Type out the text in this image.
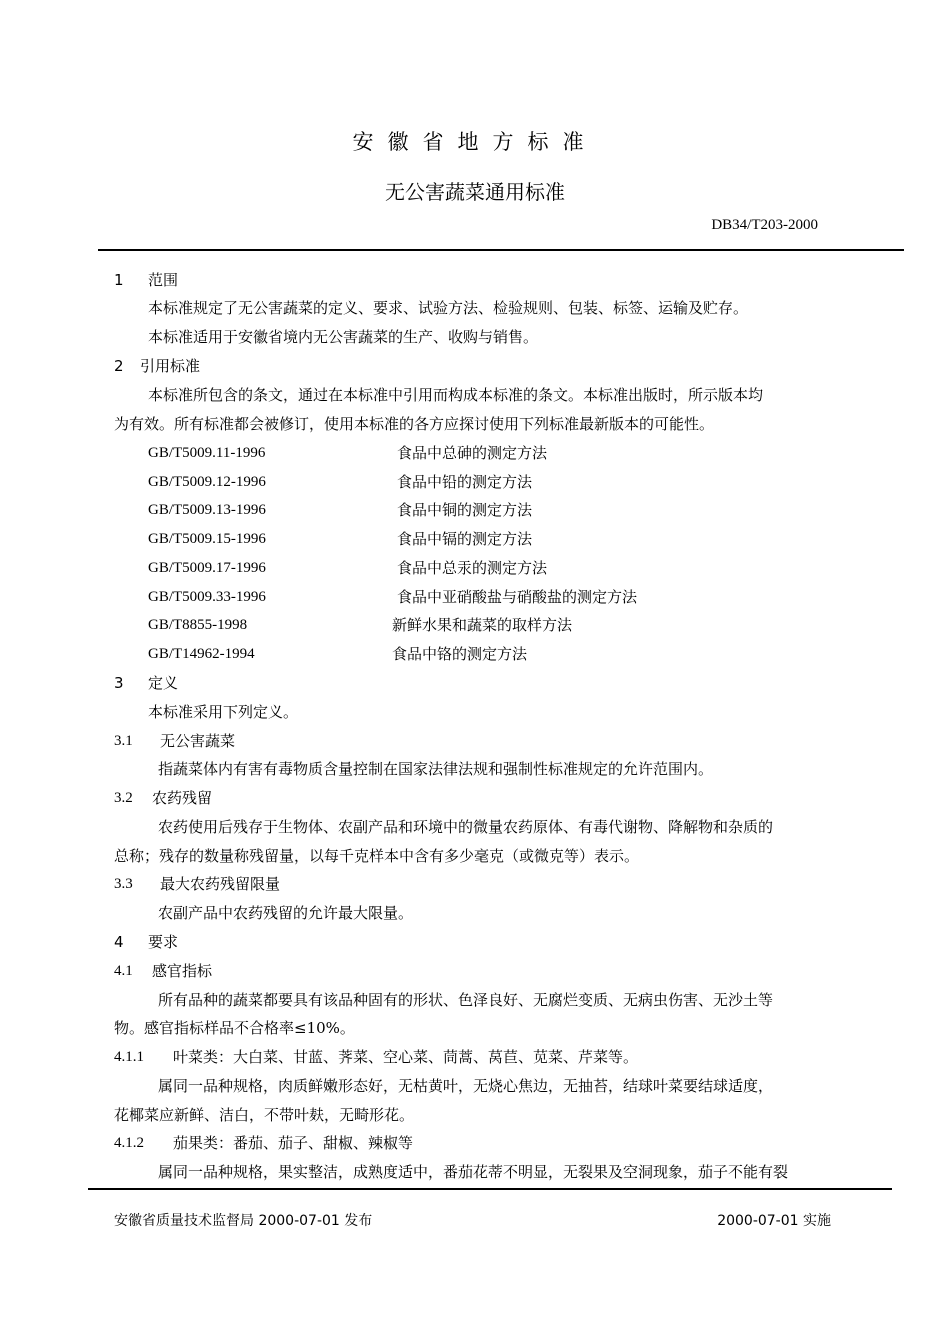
安徽省地方标准
无公害蔬菜通用标准
DB34/T203-2000
1 范围
本标准规定了无公害蔬菜的定义、要求、试验方法、检验规则、包装、标签、运输及贮存。
本标准适用于安徽省境内无公害蔬菜的生产、收购与销售。
2 引用标准
本标准所包含的条文，通过在本标准中引用而构成本标准的条文。本标准出版时，所示版本均
为有效。所有标准都会被修订，使用本标准的各方应探讨使用下列标准最新版本的可能性。
GB/T5009.11-1996	食品中总砷的测定方法
GB/T5009.12-1996	食品中铅的测定方法
GB/T5009.13-1996	食品中铜的测定方法
GB/T5009.15-1996	食品中镉的测定方法
GB/T5009.17-1996	食品中总汞的测定方法
GB/T5009.33-1996	食品中亚硝酸盐与硝酸盐的测定方法
GB/T8855-1998	新鲜水果和蔬菜的取样方法
GB/T14962-1994	食品中铬的测定方法
3 定义
本标准采用下列定义。
3.1 无公害蔬菜
指蔬菜体内有害有毒物质含量控制在国家法律法规和强制性标准规定的允许范围内。
3.2 农药残留
农药使用后残存于生物体、农副产品和环境中的微量农药原体、有毒代谢物、降解物和杂质的
总称；残存的数量称残留量，以每千克样本中含有多少毫克（或微克等）表示。
3.3 最大农药残留限量
农副产品中农药残留的允许最大限量。
4 要求
4.1 感官指标
所有品种的蔬菜都要具有该品种固有的形状、色泽良好、无腐烂变质、无病虫伤害、无沙土等
物。感官指标样品不合格率≤10%。
4.1.1 叶菜类：大白菜、甘蓝、荠菜、空心菜、茼蒿、莴苣、苋菜、芹菜等。
属同一品种规格，肉质鲜嫩形态好，无枯黄叶，无烧心焦边，无抽苔，结球叶菜要结球适度，
花椰菜应新鲜、洁白，不带叶麸，无畸形花。
4.1.2 茄果类：番茄、茄子、甜椒、辣椒等
属同一品种规格，果实整洁，成熟度适中，番茄花蒂不明显，无裂果及空洞现象，茄子不能有裂
安徽省质量技术监督局 2000-07-01 发布	2000-07-01 实施
